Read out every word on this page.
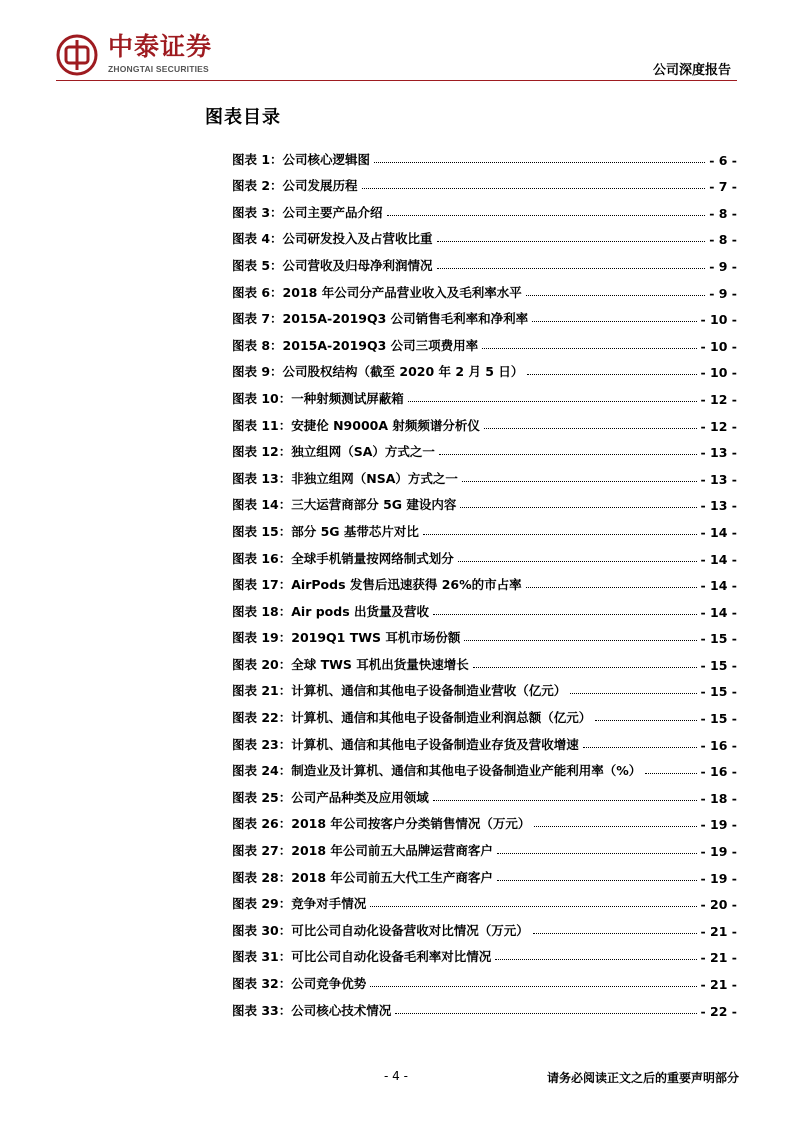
中泰证券
ZHONGTAI SECURITIES	公司深度报告
图表目录
图表 1：公司核心逻辑图	- 6 -
图表 2：公司发展历程	- 7 -
图表 3：公司主要产品介绍	- 8 -
图表 4：公司研发投入及占营收比重	- 8 -
图表 5：公司营收及归母净利润情况	- 9 -
图表 6：2018 年公司分产品营业收入及毛利率水平	- 9 -
图表 7：2015A-2019Q3 公司销售毛利率和净利率	- 10 -
图表 8：2015A-2019Q3 公司三项费用率	- 10 -
图表 9：公司股权结构（截至 2020 年 2 月 5 日）	- 10 -
图表 10：一种射频测试屏蔽箱	- 12 -
图表 11：安捷伦 N9000A 射频频谱分析仪	- 12 -
图表 12：独立组网（SA）方式之一	- 13 -
图表 13：非独立组网（NSA）方式之一	- 13 -
图表 14：三大运营商部分 5G 建设内容	- 13 -
图表 15：部分 5G 基带芯片对比	- 14 -
图表 16：全球手机销量按网络制式划分	- 14 -
图表 17：AirPods 发售后迅速获得 26%的市占率	- 14 -
图表 18：Air pods 出货量及营收	- 14 -
图表 19：2019Q1 TWS 耳机市场份额	- 15 -
图表 20：全球 TWS 耳机出货量快速增长	- 15 -
图表 21：计算机、通信和其他电子设备制造业营收（亿元）	- 15 -
图表 22：计算机、通信和其他电子设备制造业利润总额（亿元）	- 15 -
图表 23：计算机、通信和其他电子设备制造业存货及营收增速	- 16 -
图表 24：制造业及计算机、通信和其他电子设备制造业产能利用率（%）	- 16 -
图表 25：公司产品种类及应用领域	- 18 -
图表 26：2018 年公司按客户分类销售情况（万元）	- 19 -
图表 27：2018 年公司前五大品牌运营商客户	- 19 -
图表 28：2018 年公司前五大代工生产商客户	- 19 -
图表 29：竞争对手情况	- 20 -
图表 30：可比公司自动化设备营收对比情况（万元）	- 21 -
图表 31：可比公司自动化设备毛利率对比情况	- 21 -
图表 32：公司竞争优势	- 21 -
图表 33：公司核心技术情况	- 22 -
- 4 -	请务必阅读正文之后的重要声明部分
